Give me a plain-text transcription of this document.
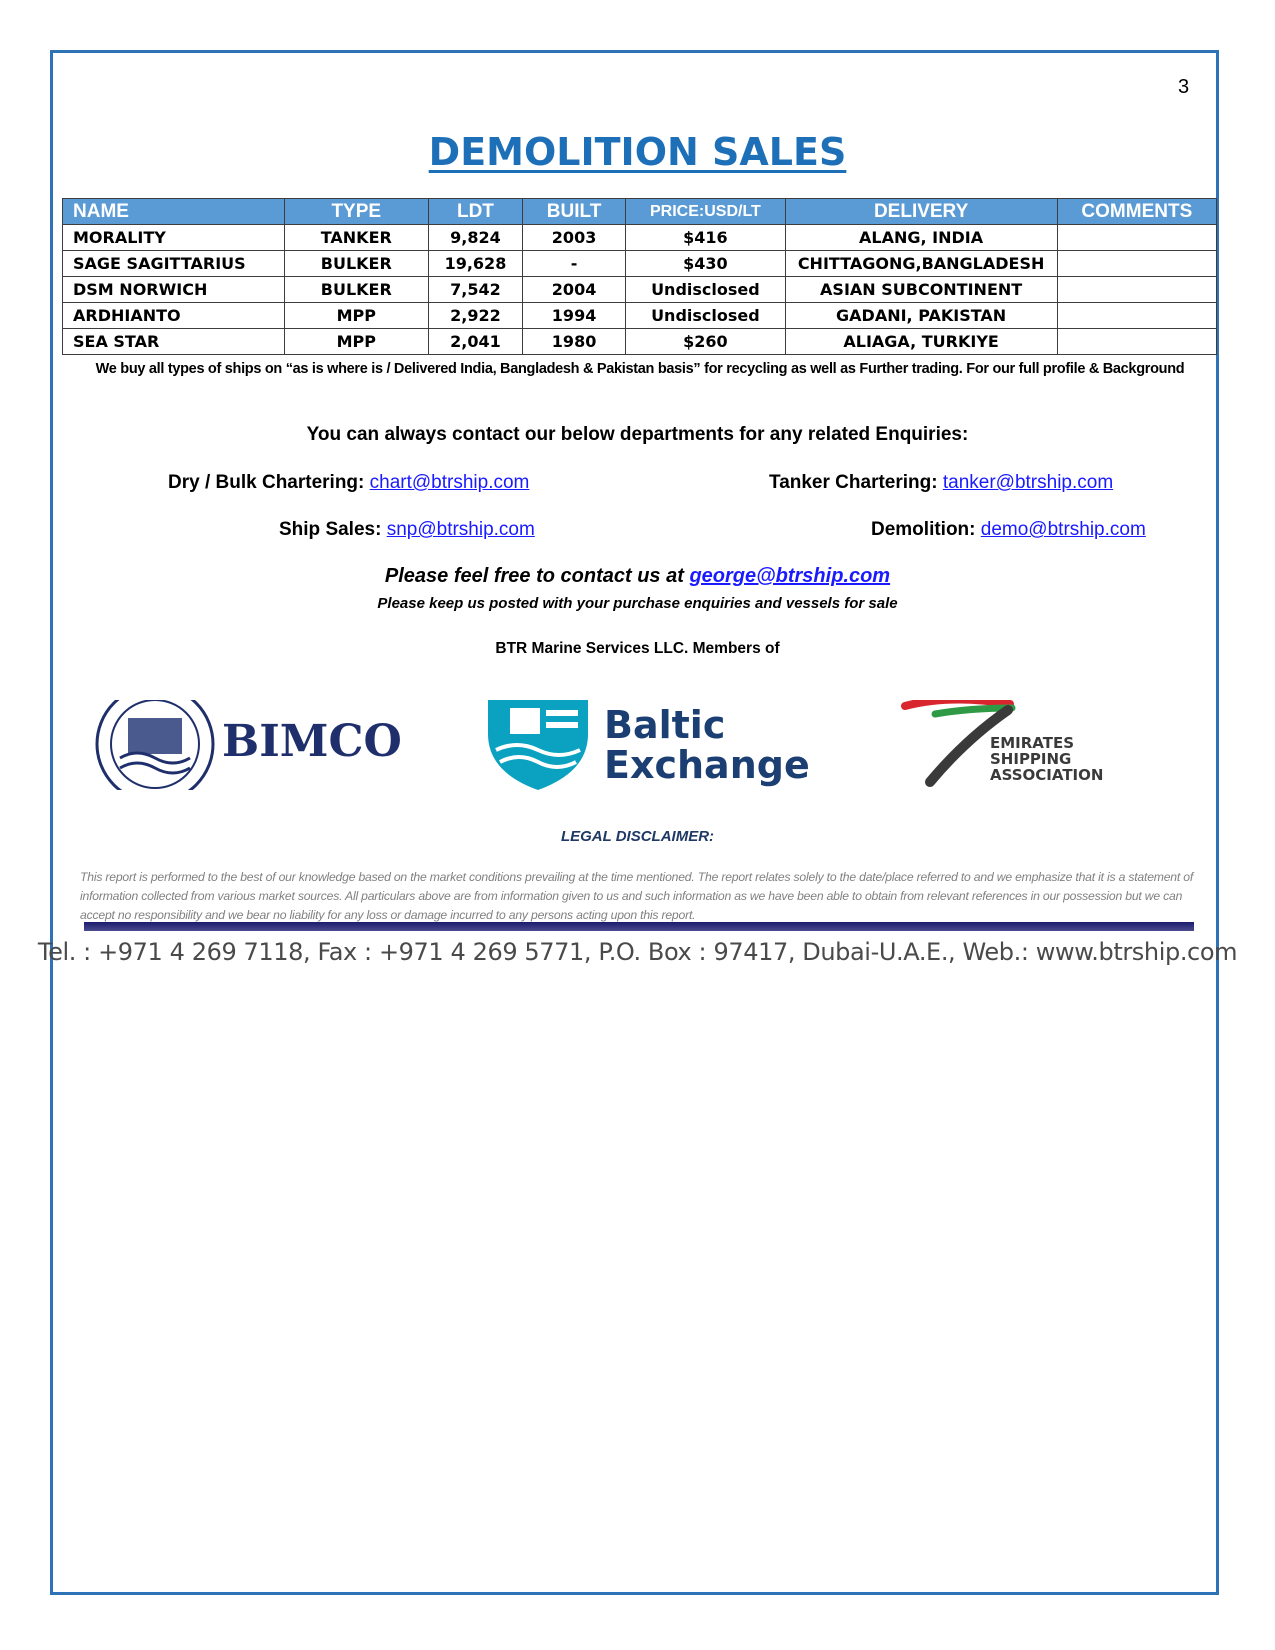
3
DEMOLITION SALES
NAME	TYPE	LDT	BUILT	PRICE:USD/LT	DELIVERY	COMMENTS
MORALITY	TANKER	9,824	2003	$416	ALANG, INDIA	
SAGE SAGITTARIUS	BULKER	19,628	-	$430	CHITTAGONG,BANGLADESH	
DSM NORWICH	BULKER	7,542	2004	Undisclosed	ASIAN SUBCONTINENT	
ARDHIANTO	MPP	2,922	1994	Undisclosed	GADANI, PAKISTAN	
SEA STAR	MPP	2,041	1980	$260	ALIAGA, TURKIYE	
We buy all types of ships on “as is where is / Delivered India, Bangladesh & Pakistan basis” for recycling as well as Further trading. For our full profile & Background
You can always contact our below departments for any related Enquiries:
Dry / Bulk Chartering: chart@btrship.com	Tanker Chartering: tanker@btrship.com
Ship Sales: snp@btrship.com	Demolition: demo@btrship.com
Please feel free to contact us at george@btrship.com
Please keep us posted with your purchase enquiries and vessels for sale
BTR Marine Services LLC. Members of
BIMCO	Baltic
Exchange	EMIRATES
SHIPPING
ASSOCIATION
LEGAL DISCLAIMER:
This report is performed to the best of our knowledge based on the market conditions prevailing at the time mentioned. The report relates solely to the date/place referred to and we emphasize that it is a statement of information collected from various market sources. All particulars above are from information given to us and such information as we have been able to obtain from relevant references in our possession but we can accept no responsibility and we bear no liability for any loss or damage incurred to any persons acting upon this report.
Tel. : +971 4 269 7118, Fax : +971 4 269 5771, P.O. Box : 97417, Dubai-U.A.E., Web.: www.btrship.com
